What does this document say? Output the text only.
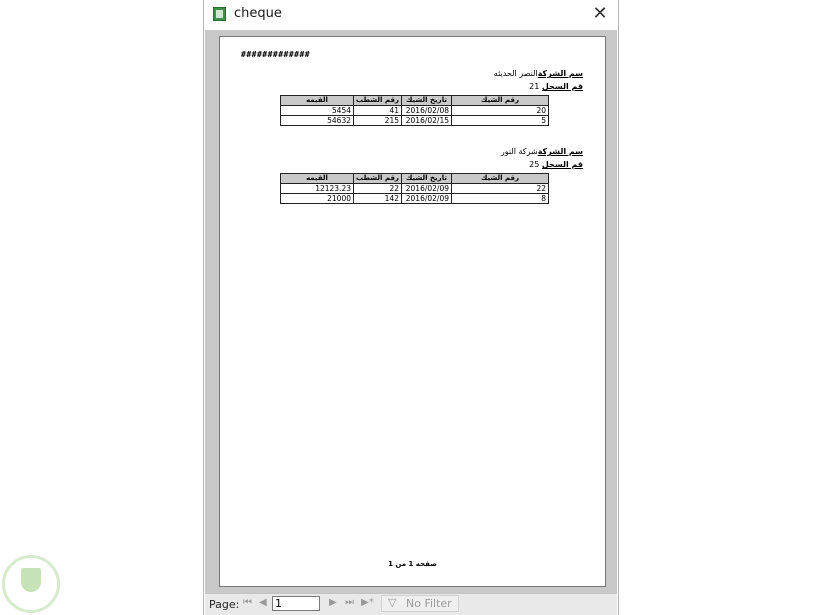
cheque	✕
#############
سم الشركةالنصر الحديثه
قم السجل 21
رقم الشيك	تاريخ الشيك	رقم الشطب	القيمه
20	2016/02/08	41	5454
5	2016/02/15	215	54632
سم الشركةشركة النور
قم السجل 25
رقم الشيك	تاريخ الشيك	رقم الشطب	القيمه
22	2016/02/09	22	12123.23
8	2016/02/09	142	21000
صفحه 1 من 1
Page: ⏮ ◀
1	▶ ⏭ ▶* ▽ No Filter
